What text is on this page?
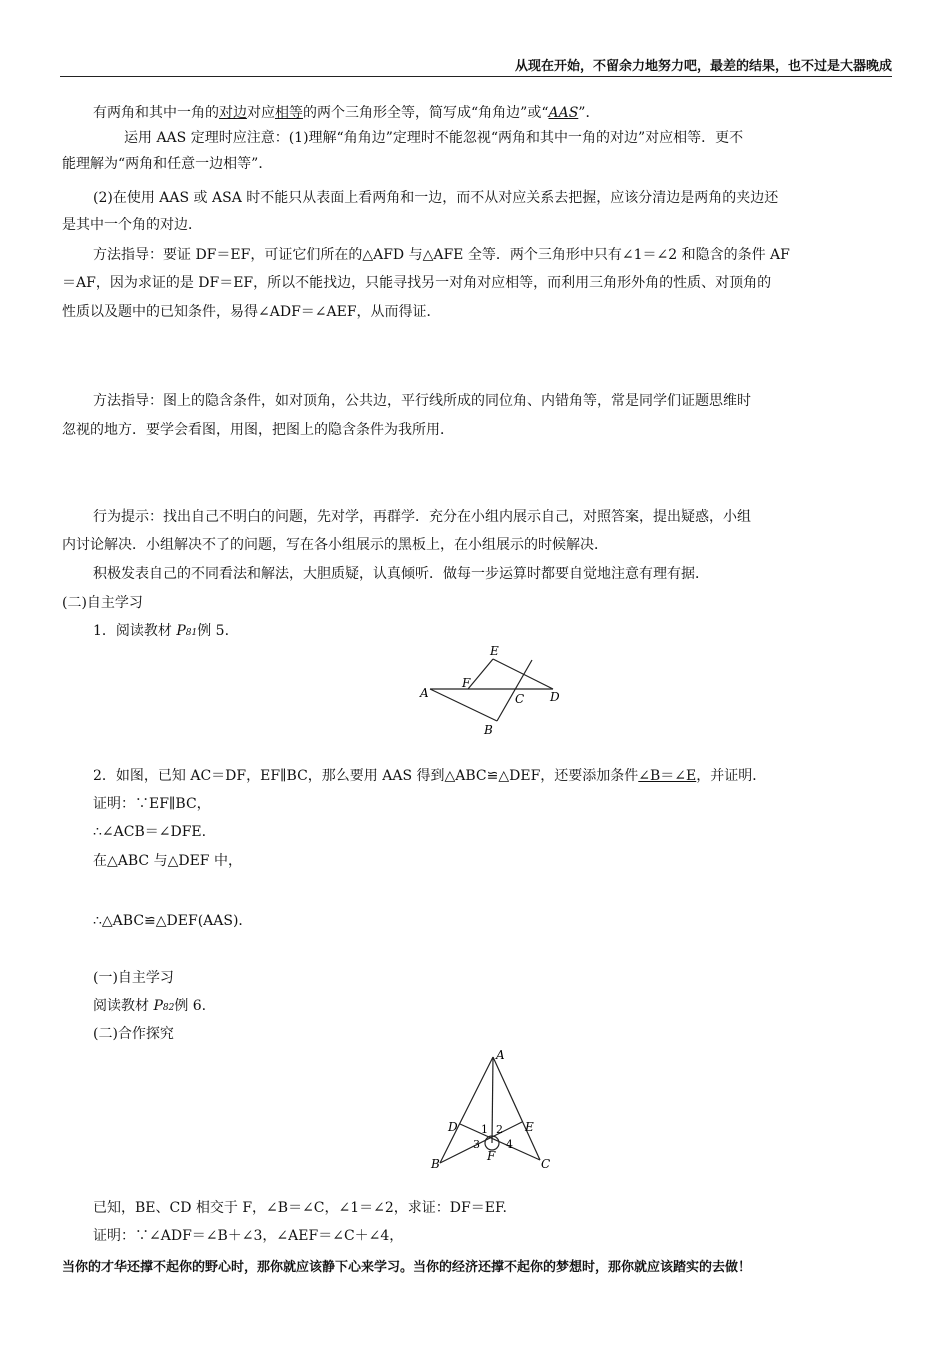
从现在开始，不留余力地努力吧，最差的结果，也不过是大器晚成
有两角和其中一角的对边对应相等的两个三角形全等，简写成“角角边”或“AAS”．
运用 AAS 定理时应注意：(1)理解“角角边”定理时不能忽视“两角和其中一角的对边”对应相等．更不
能理解为“两角和任意一边相等”．
(2)在使用 AAS 或 ASA 时不能只从表面上看两角和一边，而不从对应关系去把握，应该分清边是两角的夹边还
是其中一个角的对边．
方法指导：要证 DF＝EF，可证它们所在的△AFD 与△AFE 全等．两个三角形中只有∠1＝∠2 和隐含的条件 AF
＝AF，因为求证的是 DF＝EF，所以不能找边，只能寻找另一对角对应相等，而利用三角形外角的性质、对顶角的
性质以及题中的已知条件，易得∠ADF＝∠AEF，从而得证．
方法指导：图上的隐含条件，如对顶角，公共边，平行线所成的同位角、内错角等，常是同学们证题思维时
忽视的地方．要学会看图，用图，把图上的隐含条件为我所用．
行为提示：找出自己不明白的问题，先对学，再群学．充分在小组内展示自己，对照答案，提出疑惑，小组
内讨论解决．小组解决不了的问题，写在各小组展示的黑板上，在小组展示的时候解决．
积极发表自己的不同看法和解法，大胆质疑，认真倾听．做每一步运算时都要自觉地注意有理有据．
(二)自主学习
1．阅读教材 P81例 5.
E
F
A	C D
B
2．如图，已知 AC＝DF，EF∥BC，那么要用 AAS 得到△ABC≌△DEF，还要添加条件∠B＝∠E，并证明．
证明：∵EF∥BC，
∴∠ACB＝∠DFE.
在△ABC 与△DEF 中，
∴△ABC≌△DEF(AAS)．
(一)自主学习
阅读教材 P82例 6.
(二)合作探究
A
D	E
B	C
F
1 2
3 4
已知，BE、CD 相交于 F，∠B＝∠C，∠1＝∠2，求证：DF＝EF.
证明：∵∠ADF＝∠B＋∠3，∠AEF＝∠C＋∠4，
当你的才华还撑不起你的野心时，那你就应该静下心来学习。当你的经济还撑不起你的梦想时，那你就应该踏实的去做！
